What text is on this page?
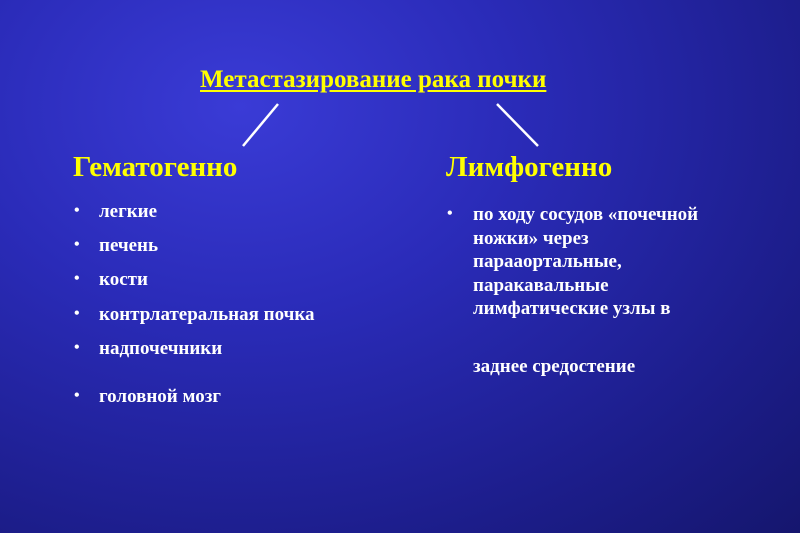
Метастазирование рака почки
Гематогенно	Лимфогенно
• легкие
• печень
• кости
• контрлатеральная почка
• надпочечники
• головной мозг
• по ходу сосудов «почечной
ножки» через
парааортальные,
паракавальные
лимфатические узлы в
заднее средостение
